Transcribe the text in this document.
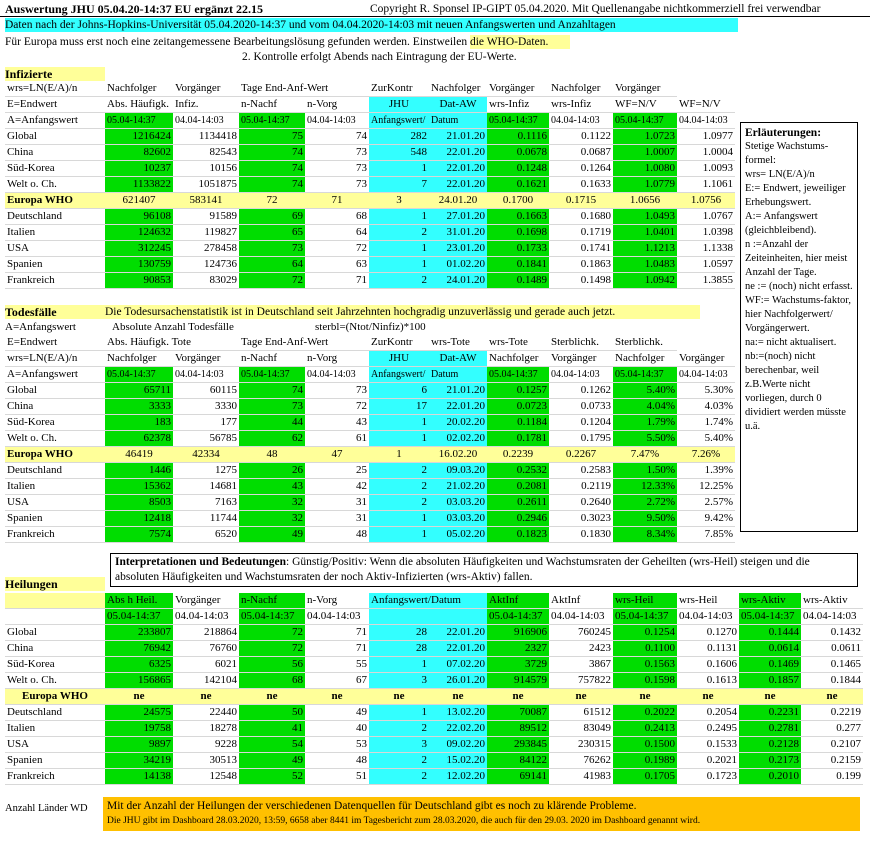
Auswertung JHU 05.04.20-14:37 EU ergänzt 22.15	Copyright R. Sponsel IP-GIPT 05.04.2020. Mit Quellenangabe nichtkommerziell frei verwendbar
Daten nach der Johns-Hopkins-Universität 05.04.2020-14:37 und vom 04.04.2020-14:03 mit neuen Anfangswerten und Anzahltagen
Für Europa muss erst noch eine zeitangemessene Bearbeitungslösung gefunden werden. Einstweilen die WHO-Daten.
2. Kontrolle erfolgt Abends nach Eintragung der EU-Werte.
Infizierte
wrs=LN(E/A)/n	Nachfolger	Vorgänger	Tage End-Anf-Wert		ZurKontr	Nachfolger	Vorgänger	Nachfolger	Vorgänger	
E=Endwert	Abs. Häufigk.	Infiz.	n-Nachf	n-Vorg	JHU	Dat-AW	wrs-Infiz	wrs-Infiz	WF=N/V	WF=N/V
A=Anfangswert	05.04-14:37	04.04-14:03	05.04-14:37	04.04-14:03	Anfangswert/	Datum	05.04-14:37	04.04-14:03	05.04-14:37	04.04-14:03
Global	1216424	1134418	75	74	282	21.01.20	0.1116	0.1122	1.0723	1.0977
China	82602	82543	74	73	548	22.01.20	0.0678	0.0687	1.0007	1.0004
Süd-Korea	10237	10156	74	73	1	22.01.20	0.1248	0.1264	1.0080	1.0093
Welt o. Ch.	1133822	1051875	74	73	7	22.01.20	0.1621	0.1633	1.0779	1.1061
Europa WHO	621407	583141	72	71	3	24.01.20	0.1700	0.1715	1.0656	1.0756
Deutschland	96108	91589	69	68	1	27.01.20	0.1663	0.1680	1.0493	1.0767
Italien	124632	119827	65	64	2	31.01.20	0.1698	0.1719	1.0401	1.0398
USA	312245	278458	73	72	1	23.01.20	0.1733	0.1741	1.1213	1.1338
Spanien	130759	124736	64	63	1	01.02.20	0.1841	0.1863	1.0483	1.0597
Frankreich	90853	83029	72	71	2	24.01.20	0.1489	0.1498	1.0942	1.3855
Todesfälle	Die Todesursachenstatistik ist in Deutschland seit Jahrzehnten hochgradig unzuverlässig und gerade auch jetzt.
A=Anfangswert	Absolute Anzahl Todesfälle	sterbl=(Ntot/Ninfiz)*100
E=Endwert	Abs. Häufigk. Tote		Tage End-Anf-Wert		ZurKontr	wrs-Tote	wrs-Tote	Sterblichk.	Sterblichk.	
wrs=LN(E/A)/n	Nachfolger	Vorgänger	n-Nachf	n-Vorg	JHU	Dat-AW	Nachfolger	Vorgänger	Nachfolger	Vorgänger
A=Anfangswert	05.04-14:37	04.04-14:03	05.04-14:37	04.04-14:03	Anfangswert/	Datum	05.04-14:37	04.04-14:03	05.04-14:37	04.04-14:03
Global	65711	60115	74	73	6	21.01.20	0.1257	0.1262	5.40%	5.30%
China	3333	3330	73	72	17	22.01.20	0.0723	0.0733	4.04%	4.03%
Süd-Korea	183	177	44	43	1	20.02.20	0.1184	0.1204	1.79%	1.74%
Welt o. Ch.	62378	56785	62	61	1	02.02.20	0.1781	0.1795	5.50%	5.40%
Europa WHO	46419	42334	48	47	1	16.02.20	0.2239	0.2267	7.47%	7.26%
Deutschland	1446	1275	26	25	2	09.03.20	0.2532	0.2583	1.50%	1.39%
Italien	15362	14681	43	42	2	21.02.20	0.2081	0.2119	12.33%	12.25%
USA	8503	7163	32	31	2	03.03.20	0.2611	0.2640	2.72%	2.57%
Spanien	12418	11744	32	31	1	03.03.20	0.2946	0.3023	9.50%	9.42%
Frankreich	7574	6520	49	48	1	05.02.20	0.1823	0.1830	8.34%	7.85%

Erläuterungen:

Stetige Wachstums-

formel:

wrs= LN(E/A)/n

E:= Endwert, jeweiliger Erhebungswert.

A:= Anfangswert (gleichbleibend).

n :=Anzahl der Zeiteinheiten, hier meist Anzahl der Tage.

ne := (noch) nicht erfasst.

WF:= Wachstums-faktor, hier Nachfolgerwert/ Vorgängerwert.

na:= nicht aktualisert.

nb:=(noch) nicht berechenbar, weil z.B.Werte nicht vorliegen, durch 0 dividiert werden müsste u.ä.

Interpretationen und Bedeutungen: Günstig/Positiv: Wenn die absoluten Häufigkeiten und Wachstumsraten der Geheilten (wrs-Heil) steigen und die absoluten Häufigkeiten und Wachstumsraten der noch Aktiv-Infizierten (wrs-Aktiv) fallen.
Heilungen
	Abs h Heil.	Vorgänger	n-Nachf	n-Vorg	Anfangswert/	Datum	AktInf	AktInf	wrs-Heil	wrs-Heil	wrs-Aktiv	wrs-Aktiv
	05.04-14:37	04.04-14:03	05.04-14:37	04.04-14:03			05.04-14:37	04.04-14:03	05.04-14:37	04.04-14:03	05.04-14:37	04.04-14:03
Global	233807	218864	72	71	28	22.01.20	916906	760245	0.1254	0.1270	0.1444	0.1432
China	76942	76760	72	71	28	22.01.20	2327	2423	0.1100	0.1131	0.0614	0.0611
Süd-Korea	6325	6021	56	55	1	07.02.20	3729	3867	0.1563	0.1606	0.1469	0.1465
Welt o. Ch.	156865	142104	68	67	3	26.01.20	914579	757822	0.1598	0.1613	0.1857	0.1844
Europa WHO	ne	ne	ne	ne	ne	ne	ne	ne	ne	ne	ne	ne
Deutschland	24575	22440	50	49	1	13.02.20	70087	61512	0.2022	0.2054	0.2231	0.2219
Italien	19758	18278	41	40	2	22.02.20	89512	83049	0.2413	0.2495	0.2781	0.277
USA	9897	9228	54	53	3	09.02.20	293845	230315	0.1500	0.1533	0.2128	0.2107
Spanien	34219	30513	49	48	2	15.02.20	84122	76262	0.1989	0.2021	0.2173	0.2159
Frankreich	14138	12548	52	51	2	12.02.20	69141	41983	0.1705	0.1723	0.2010	0.199
Anzahl Länder WD Mit der Anzahl der Heilungen der verschiedenen Datenquellen für Deutschland gibt es noch zu klärende Probleme.
Die JHU gibt im Dashboard 28.03.2020, 13:59, 6658 aber 8441 im Tagesbericht zum 28.03.2020, die auch für den 29.03. 2020 im Dashboard genannt wird.
